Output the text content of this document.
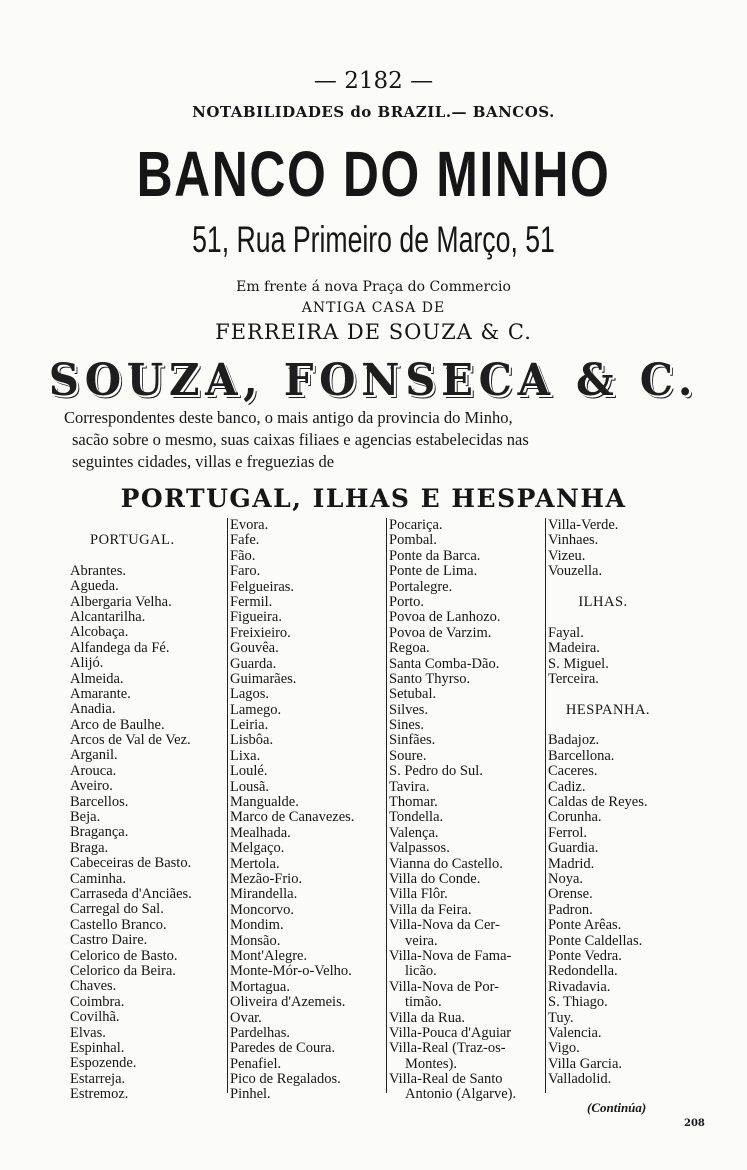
— 2182 —
NOTABILIDADES do BRAZIL.— BANCOS.
BANCO DO MINHO
51, Rua Primeiro de Março, 51
Em frente á nova Praça do Commercio
ANTIGA CASA DE
FERREIRA DE SOUZA & C.
SOUZA, FONSECA & C.

Correspondentes deste banco, o mais antigo da provincia do Minho,

sacão sobre o mesmo, suas caixas filiaes e agencias estabelecidas nas

seguintes cidades, villas e freguezias de

PORTUGAL, ILHAS E HESPANHA
PORTUGAL.
Abrantes.
Agueda.
Albergaria Velha.
Alcantarilha.
Alcobaça.
Alfandega da Fé.
Alijó.
Almeida.
Amarante.
Anadia.
Arco de Baulhe.
Arcos de Val de Vez.
Arganil.
Arouca.
Aveiro.
Barcellos.
Beja.
Bragança.
Braga.
Cabeceiras de Basto.
Caminha.
Carraseda d'Anciães.
Carregal do Sal.
Castello Branco.
Castro Daire.
Celorico de Basto.
Celorico da Beira.
Chaves.
Coimbra.
Covilhã.
Elvas.
Espinhal.
Espozende.
Estarreja.
Estremoz.
Evora.
Fafe.
Fão.
Faro.
Felgueiras.
Fermil.
Figueira.
Freixieiro.
Gouvêa.
Guarda.
Guimarães.
Lagos.
Lamego.
Leiria.
Lisbôa.
Lixa.
Loulé.
Lousã.
Mangualde.
Marco de Canavezes.
Mealhada.
Melgaço.
Mertola.
Mezão-Frio.
Mirandella.
Moncorvo.
Mondim.
Monsão.
Mont'Alegre.
Monte-Mór-o-Velho.
Mortagua.
Oliveira d'Azemeis.
Ovar.
Pardelhas.
Paredes de Coura.
Penafiel.
Pico de Regalados.
Pinhel.
Pocariça.
Pombal.
Ponte da Barca.
Ponte de Lima.
Portalegre.
Porto.
Povoa de Lanhozo.
Povoa de Varzim.
Regoa.
Santa Comba-Dão.
Santo Thyrso.
Setubal.
Silves.
Sines.
Sinfães.
Soure.
S. Pedro do Sul.
Tavira.
Thomar.
Tondella.
Valença.
Valpassos.
Vianna do Castello.
Villa do Conde.
Villa Flôr.
Villa da Feira.
Villa-Nova da Cer-
veira.
Villa-Nova de Fama-
licão.
Villa-Nova de Por-
timão.
Villa da Rua.
Villa-Pouca d'Aguiar
Villa-Real (Traz-os-
Montes).
Villa-Real de Santo
Antonio (Algarve).
Villa-Verde.
Vinhaes.
Vizeu.
Vouzella.
ILHAS.
Fayal.
Madeira.
S. Miguel.
Terceira.
HESPANHA.
Badajoz.
Barcellona.
Caceres.
Cadiz.
Caldas de Reyes.
Corunha.
Ferrol.
Guardia.
Madrid.
Noya.
Orense.
Padron.
Ponte Arêas.
Ponte Caldellas.
Ponte Vedra.
Redondella.
Rivadavia.
S. Thiago.
Tuy.
Valencia.
Vigo.
Villa Garcia.
Valladolid.
(Continúa)
208
